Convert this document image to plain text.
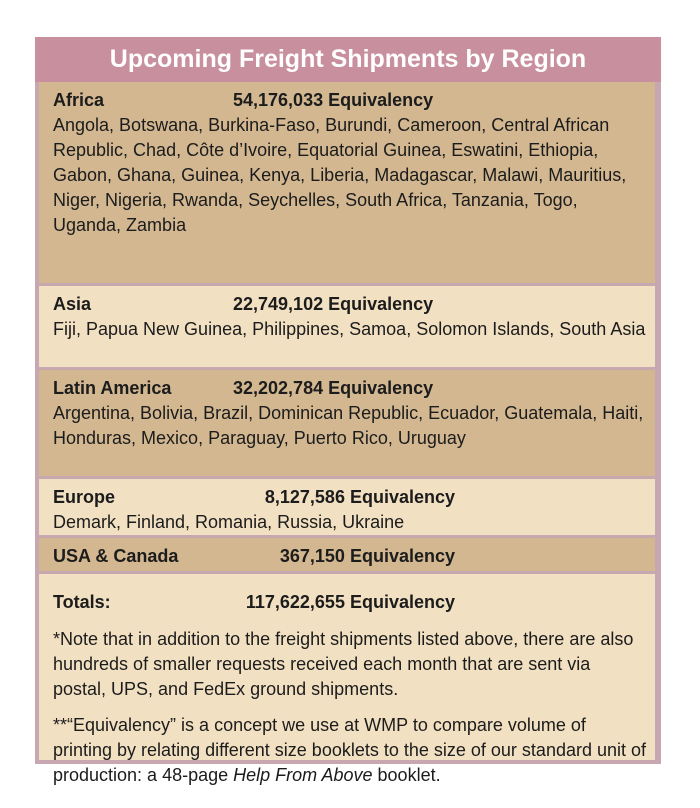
Upcoming Freight Shipments by Region
Africa	54,176,033 Equivalency
Angola, Botswana, Burkina-Faso, Burundi, Cameroon, Central African Republic, Chad, Côte d’Ivoire, Equatorial Guinea, Eswatini, Ethiopia, Gabon, Ghana, Guinea, Kenya, Liberia, Madagascar, Malawi, Mauritius, Niger, Nigeria, Rwanda, Seychelles, South Africa, Tanzania, Togo, Uganda, Zambia
Asia	22,749,102 Equivalency
Fiji, Papua New Guinea, Philippines, Samoa, Solomon Islands, South Asia
Latin America	32,202,784 Equivalency
Argentina, Bolivia, Brazil, Dominican Republic, Ecuador, Guatemala, Haiti, Honduras, Mexico, Paraguay, Puerto Rico, Uruguay
Europe	8,127,586 Equivalency
Demark, Finland, Romania, Russia, Ukraine
USA & Canada	367,150 Equivalency
Totals:	117,622,655 Equivalency
*Note that in addition to the freight shipments listed above, there are also hundreds of smaller requests received each month that are sent via postal, UPS, and FedEx ground shipments.
**“Equivalency” is a concept we use at WMP to compare volume of printing by relating different size booklets to the size of our standard unit of production: a 48-page Help From Above booklet.
